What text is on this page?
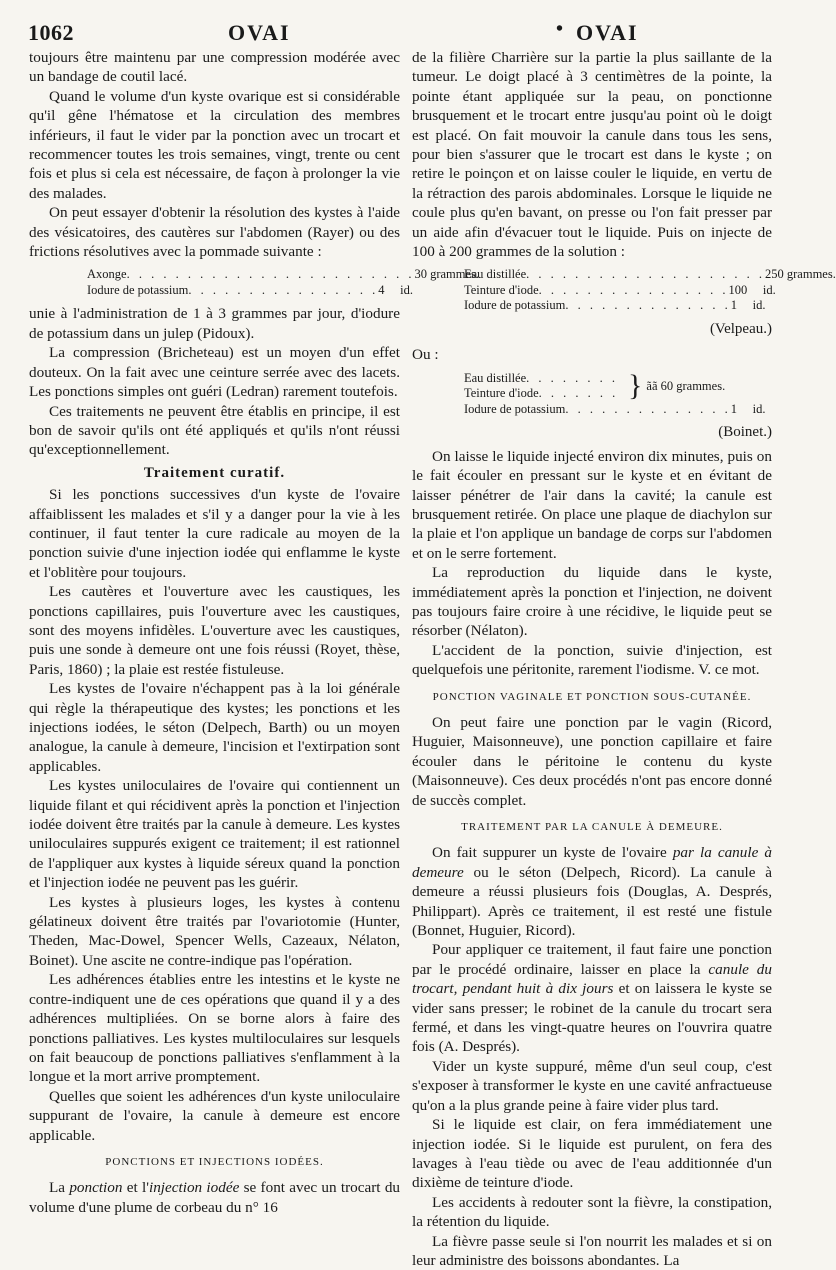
1062	OVAI	• OVAI

toujours être maintenu par une compression modérée avec un bandage de coutil lacé.

Quand le volume d'un kyste ovarique est si considérable qu'il gêne l'hématose et la circulation des membres inférieurs, il faut le vider par la ponction avec un trocart et recommencer toutes les trois semaines, vingt, trente ou cent fois et plus si cela est nécessaire, de façon à prolonger la vie des malades.

On peut essayer d'obtenir la résolution des kystes à l'aide des vésicatoires, des cautères sur l'abdomen (Rayer) ou des frictions résolutives avec la pommade suivante :

Axonge . . . . . . . . . . . . . . . . . . . . . . . . 30 grammes.
Iodure de potassium . . . . . . . . . . . . . . . . 4     id.

unie à l'administration de 1 à 3 grammes par jour, d'iodure de potassium dans un julep (Pidoux).

La compression (Bricheteau) est un moyen d'un effet douteux. On la fait avec une ceinture serrée avec des lacets. Les ponctions simples ont guéri (Ledran) rarement toutefois.

Ces traitements ne peuvent être établis en principe, il est bon de savoir qu'ils ont été appliqués et qu'ils n'ont réussi qu'exceptionnellement.

Traitement curatif.

Si les ponctions successives d'un kyste de l'ovaire affaiblissent les malades et s'il y a danger pour la vie à les continuer, il faut tenter la cure radicale au moyen de la ponction suivie d'une injection iodée qui enflamme le kyste et l'oblitère pour toujours.

Les cautères et l'ouverture avec les caustiques, les ponctions capillaires, puis l'ouverture avec les caustiques, sont des moyens infidèles. L'ouverture avec les caustiques, puis une sonde à demeure ont une fois réussi (Royet, thèse, Paris, 1860) ; la plaie est restée fistuleuse.

Les kystes de l'ovaire n'échappent pas à la loi générale qui règle la thérapeutique des kystes; les ponctions et les injections iodées, le séton (Delpech, Barth) ou un moyen analogue, la canule à demeure, l'incision et l'extirpation sont applicables.

Les kystes uniloculaires de l'ovaire qui contiennent un liquide filant et qui récidivent après la ponction et l'injection iodée doivent être traités par la canule à demeure. Les kystes uniloculaires suppurés exigent ce traitement; il est rationnel de l'appliquer aux kystes à liquide séreux quand la ponction et l'injection iodée ne peuvent pas les guérir.

Les kystes à plusieurs loges, les kystes à contenu gélatineux doivent être traités par l'ovariotomie (Hunter, Theden, Mac-Dowel, Spencer Wells, Cazeaux, Nélaton, Boinet). Une ascite ne contre-indique pas l'opération.

Les adhérences établies entre les intestins et le kyste ne contre-indiquent une de ces opérations que quand il y a des adhérences multipliées. On se borne alors à faire des ponctions palliatives. Les kystes multiloculaires sur lesquels on fait beaucoup de ponctions palliatives s'enflamment à la longue et la mort arrive promptement.

Quelles que soient les adhérences d'un kyste uniloculaire suppurant de l'ovaire, la canule à demeure est encore applicable.

PONCTIONS ET INJECTIONS IODÉES.

La ponction et l'injection iodée se font avec un trocart du volume d'une plume de corbeau du n° 16

de la filière Charrière sur la partie la plus saillante de la tumeur. Le doigt placé à 3 centimètres de la pointe, la pointe étant appliquée sur la peau, on ponctionne brusquement et le trocart entre jusqu'au point où le doigt est placé. On fait mouvoir la canule dans tous les sens, pour bien s'assurer que le trocart est dans le kyste ; on retire le poinçon et on laisse couler le liquide, en vertu de la rétraction des parois abdominales. Lorsque le liquide ne coule plus qu'en bavant, on presse ou l'on fait presser par un aide afin d'évacuer tout le liquide. Puis on injecte de 100 à 200 grammes de la solution :

Eau distillée . . . . . . . . . . . . . . . . . . . . 250 grammes.
Teinture d'iode . . . . . . . . . . . . . . . . 100     id.
Iodure de potassium . . . . . . . . . . . . . . 1     id.
(Velpeau.)
Ou :
Eau distillée . . . . . . . .
Teinture d'iode . . . . . . . } ãã 60 grammes.
Iodure de potassium . . . . . . . . . . . . . . 1     id.
(Boinet.)

On laisse le liquide injecté environ dix minutes, puis on le fait écouler en pressant sur le kyste et en évitant de laisser pénétrer de l'air dans la cavité; la canule est brusquement retirée. On place une plaque de diachylon sur la plaie et l'on applique un bandage de corps sur l'abdomen et on le serre fortement.

La reproduction du liquide dans le kyste, immédiatement après la ponction et l'injection, ne doivent pas toujours faire croire à une récidive, le liquide peut se résorber (Nélaton).

L'accident de la ponction, suivie d'injection, est quelquefois une péritonite, rarement l'iodisme. V. ce mot.

PONCTION VAGINALE ET PONCTION SOUS-CUTANÉE.

On peut faire une ponction par le vagin (Ricord, Huguier, Maisonneuve), une ponction capillaire et faire écouler dans le péritoine le contenu du kyste (Maisonneuve). Ces deux procédés n'ont pas encore donné de succès complet.

TRAITEMENT PAR LA CANULE À DEMEURE.

On fait suppurer un kyste de l'ovaire par la canule à demeure ou le séton (Delpech, Ricord). La canule à demeure a réussi plusieurs fois (Douglas, A. Després, Philippart). Après ce traitement, il est resté une fistule (Bonnet, Huguier, Ricord).

Pour appliquer ce traitement, il faut faire une ponction par le procédé ordinaire, laisser en place la canule du trocart, pendant huit à dix jours et on laissera le kyste se vider sans presser; le robinet de la canule du trocart sera fermé, et dans les vingt-quatre heures on l'ouvrira quatre fois (A. Després).

Vider un kyste suppuré, même d'un seul coup, c'est s'exposer à transformer le kyste en une cavité anfractueuse qu'on a la plus grande peine à faire vider plus tard.

Si le liquide est clair, on fera immédiatement une injection iodée. Si le liquide est purulent, on fera des lavages à l'eau tiède ou avec de l'eau additionnée d'un dixième de teinture d'iode.

Les accidents à redouter sont la fièvre, la constipation, la rétention du liquide.

La fièvre passe seule si l'on nourrit les malades et si on leur administre des boissons abondantes. La
